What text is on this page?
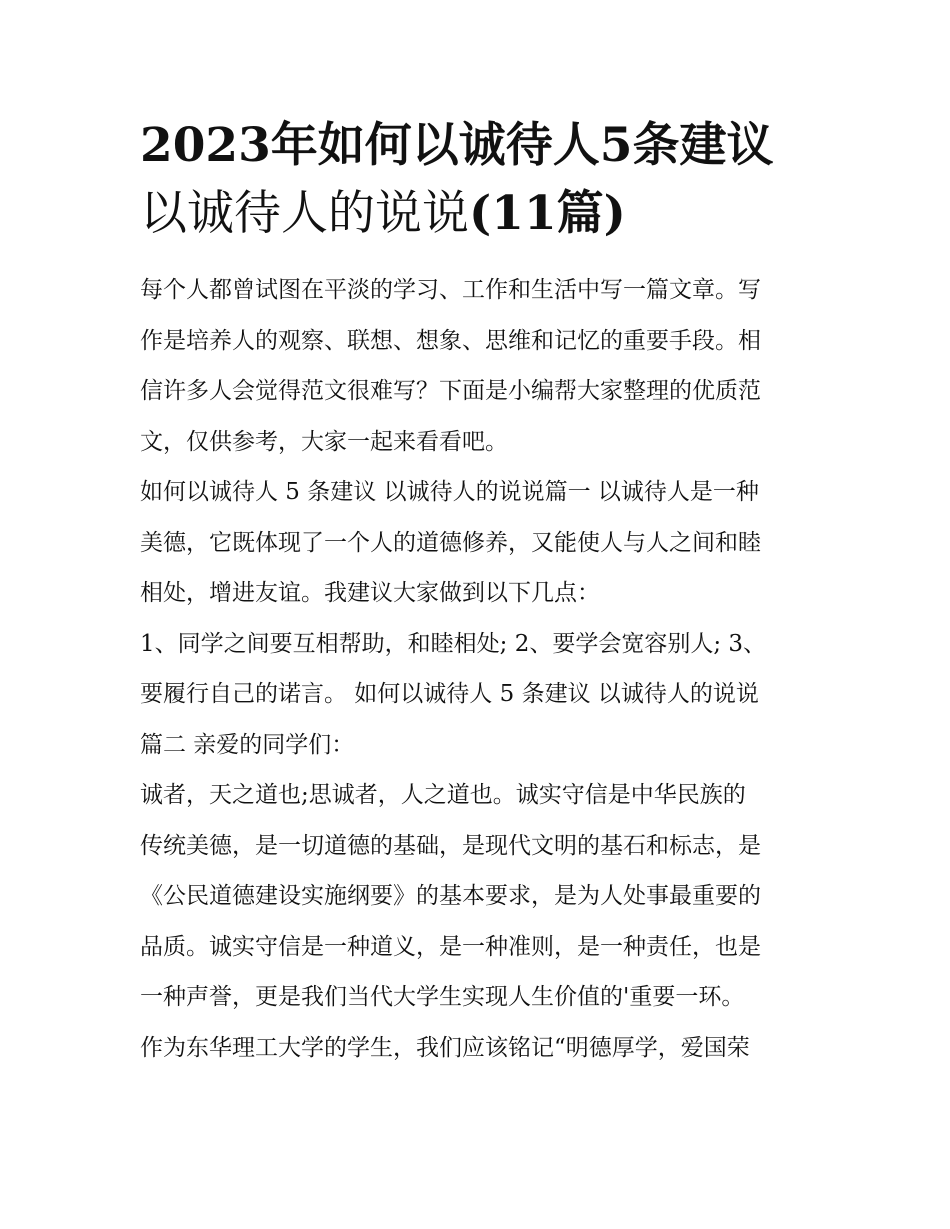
2023年如何以诚待人5条建议
以诚待人的说说(11篇)
每个人都曾试图在平淡的学习、工作和生活中写一篇文章。写
作是培养人的观察、联想、想象、思维和记忆的重要手段。相
信许多人会觉得范文很难写？下面是小编帮大家整理的优质范
文，仅供参考，大家一起来看看吧。
如何以诚待人 5 条建议 以诚待人的说说篇一 以诚待人是一种
美德，它既体现了一个人的道德修养，又能使人与人之间和睦
相处，增进友谊。我建议大家做到以下几点：
1、同学之间要互相帮助，和睦相处; 2、要学会宽容别人; 3、
要履行自己的诺言。 如何以诚待人 5 条建议 以诚待人的说说
篇二 亲爱的同学们：
诚者，天之道也;思诚者，人之道也。诚实守信是中华民族的
传统美德，是一切道德的基础，是现代文明的基石和标志，是
《公民道德建设实施纲要》的基本要求，是为人处事最重要的
品质。诚实守信是一种道义，是一种准则，是一种责任，也是
一种声誉，更是我们当代大学生实现人生价值的'重要一环。
作为东华理工大学的学生，我们应该铭记“明德厚学，爱国荣
